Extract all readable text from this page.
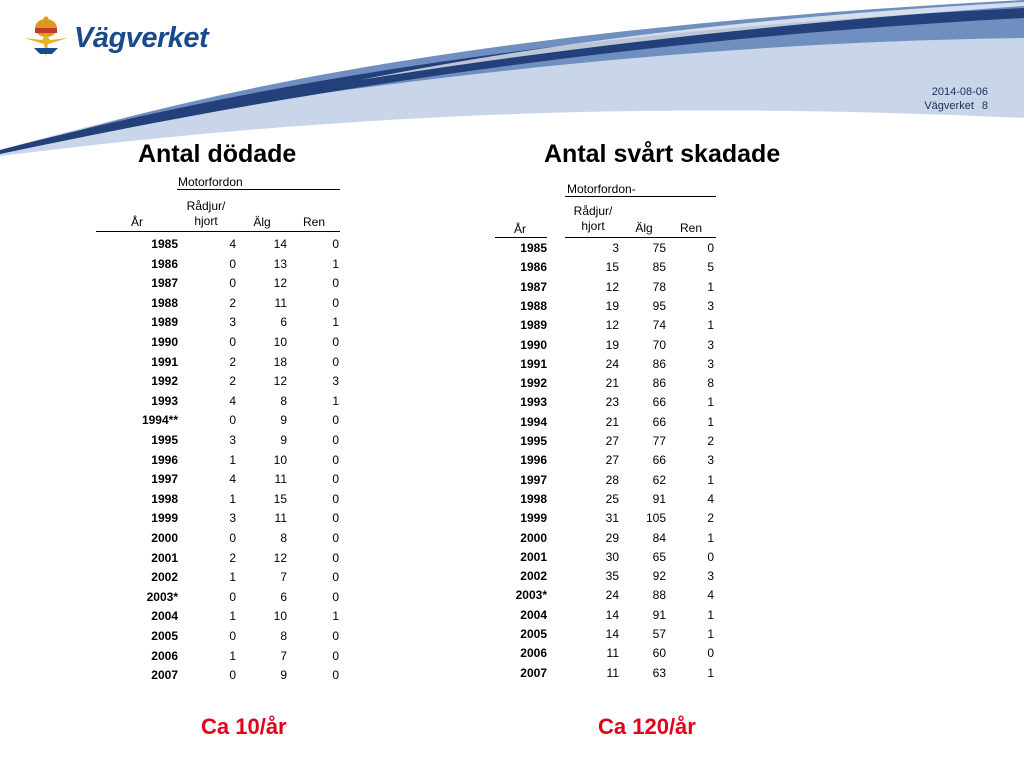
Vägverket
2014-08-06
Vägverket 8
Antal dödade	Antal svårt skadade
Motorfordon
År
Rådjur/
hjort	Älg	Ren
1985	4	14	0
1986	0	13	1
1987	0	12	0
1988	2	11	0
1989	3	6	1
1990	0	10	0
1991	2	18	0
1992	2	12	3
1993	4	8	1
1994**	0	9	0
1995	3	9	0
1996	1	10	0
1997	4	11	0
1998	1	15	0
1999	3	11	0
2000	0	8	0
2001	2	12	0
2002	1	7	0
2003*	0	6	0
2004	1	10	1
2005	0	8	0
2006	1	7	0
2007	0	9	0
Motorfordon-
År
Rådjur/
hjort	Älg	Ren
1985	3	75	0
1986	15	85	5
1987	12	78	1
1988	19	95	3
1989	12	74	1
1990	19	70	3
1991	24	86	3
1992	21	86	8
1993	23	66	1
1994	21	66	1
1995	27	77	2
1996	27	66	3
1997	28	62	1
1998	25	91	4
1999	31	105	2
2000	29	84	1
2001	30	65	0
2002	35	92	3
2003*	24	88	4
2004	14	91	1
2005	14	57	1
2006	11	60	0
2007	11	63	1
Ca 10/år	Ca 120/år
